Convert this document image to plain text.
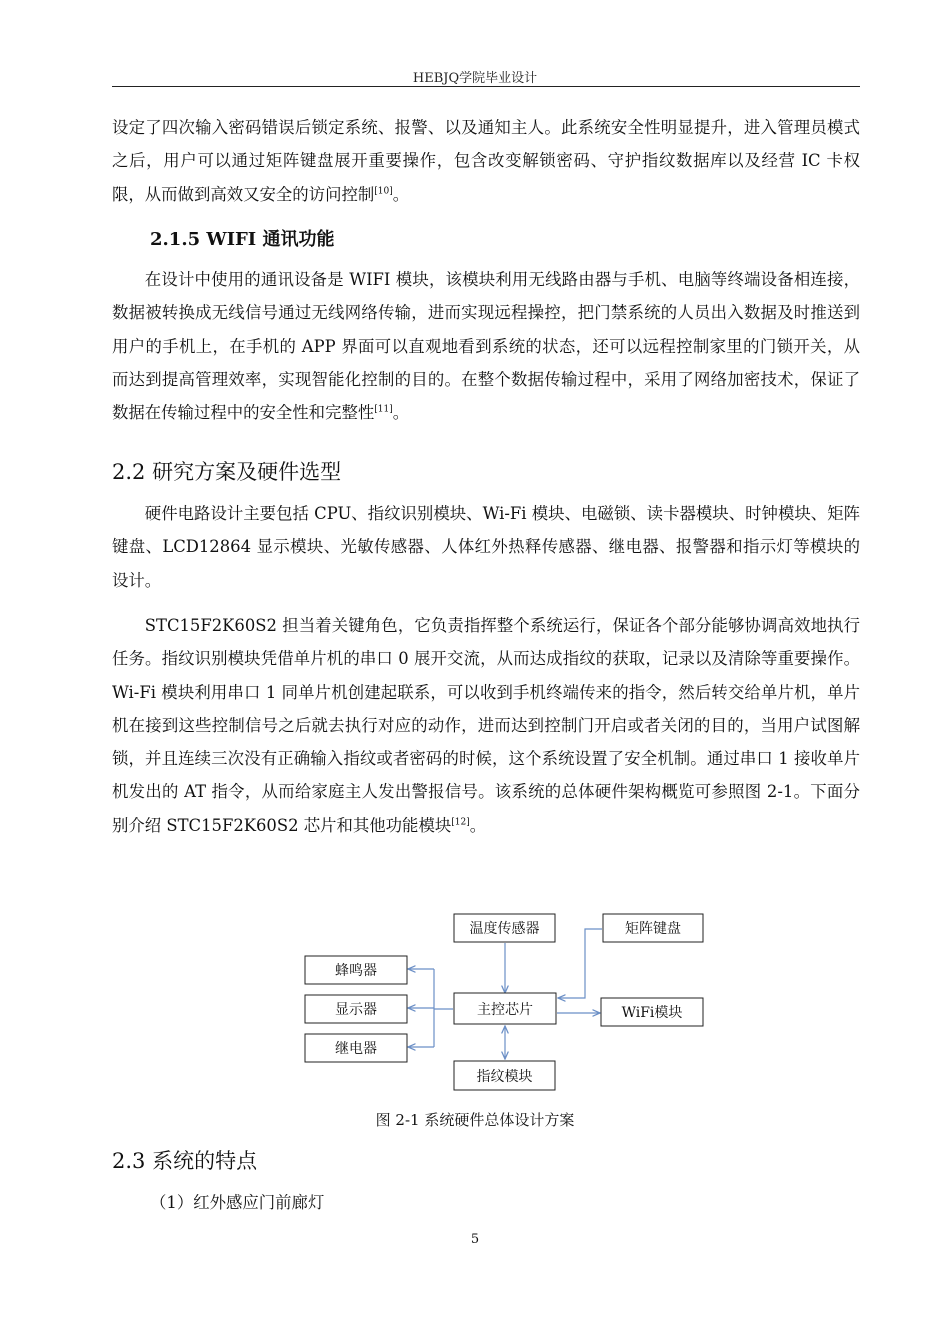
HEBJQ学院毕业设计

设定了四次输入密码错误后锁定系统、报警、以及通知主人。此系统安全性明显提升，进入管理员模式之后，用户可以通过矩阵键盘展开重要操作，包含改变解锁密码、守护指纹数据库以及经营 IC 卡权限，从而做到高效又安全的访问控制[10]。

2.1.5 WIFI 通讯功能

在设计中使用的通讯设备是 WIFI 模块，该模块利用无线路由器与手机、电脑等终端设备相连接，数据被转换成无线信号通过无线网络传输，进而实现远程操控，把门禁系统的人员出入数据及时推送到用户的手机上，在手机的 APP 界面可以直观地看到系统的状态，还可以远程控制家里的门锁开关，从而达到提高管理效率，实现智能化控制的目的。在整个数据传输过程中，采用了网络加密技术，保证了数据在传输过程中的安全性和完整性[11]。

2.2 研究方案及硬件选型

硬件电路设计主要包括 CPU、指纹识别模块、Wi-Fi 模块、电磁锁、读卡器模块、时钟模块、矩阵键盘、LCD12864 显示模块、光敏传感器、人体红外热释传感器、继电器、报警器和指示灯等模块的设计。

STC15F2K60S2 担当着关键角色，它负责指挥整个系统运行，保证各个部分能够协调高效地执行任务。指纹识别模块凭借单片机的串口 0 展开交流，从而达成指纹的获取，记录以及清除等重要操作。Wi-Fi 模块利用串口 1 同单片机创建起联系，可以收到手机终端传来的指令，然后转交给单片机，单片机在接到这些控制信号之后就去执行对应的动作，进而达到控制门开启或者关闭的目的，当用户试图解锁，并且连续三次没有正确输入指纹或者密码的时候，这个系统设置了安全机制。通过串口 1 接收单片机发出的 AT 指令，从而给家庭主人发出警报信号。该系统的总体硬件架构概览可参照图 2-1。下面分别介绍 STC15F2K60S2 芯片和其他功能模块[12]。

温度传感器	矩阵键盘
蜂鸣器
显示器
继电器
主控芯片	WiFi模块
指纹模块
图 2-1 系统硬件总体设计方案
2.3 系统的特点

（1）红外感应门前廊灯

5
